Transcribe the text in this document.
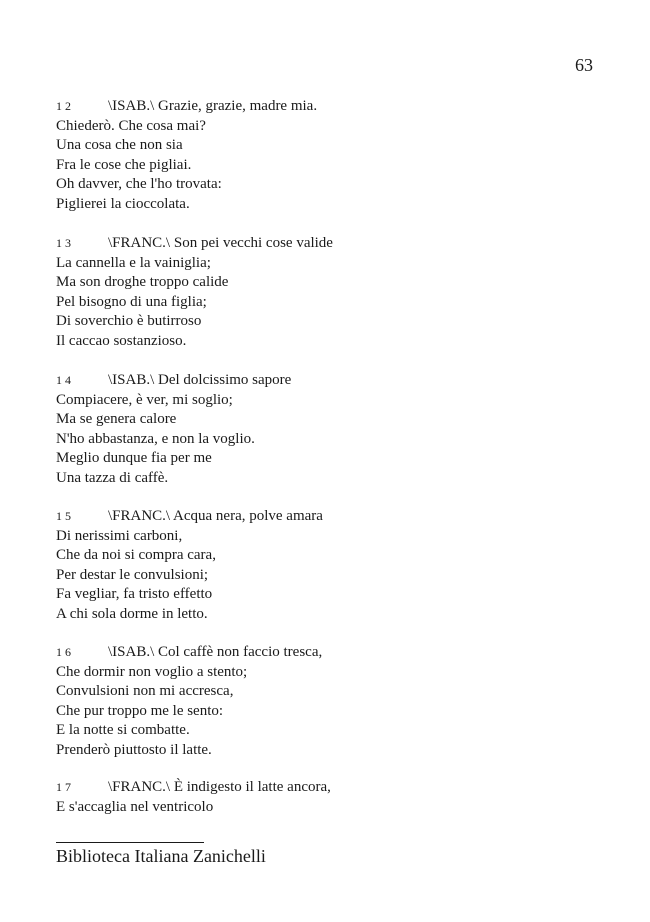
63
12 \ISAB.\ Grazie, grazie, madre mia.
Chiederò. Che cosa mai?
Una cosa che non sia
Fra le cose che pigliai.
Oh davver, che l'ho trovata:
Piglierei la cioccolata.
13 \FRANC.\ Son pei vecchi cose valide
La cannella e la vainiglia;
Ma son droghe troppo calide
Pel bisogno di una figlia;
Di soverchio è butirroso
Il caccao sostanzioso.
14 \ISAB.\ Del dolcissimo sapore
Compiacere, è ver, mi soglio;
Ma se genera calore
N'ho abbastanza, e non la voglio.
Meglio dunque fia per me
Una tazza di caffè.
15 \FRANC.\ Acqua nera, polve amara
Di nerissimi carboni,
Che da noi si compra cara,
Per destar le convulsioni;
Fa vegliar, fa tristo effetto
A chi sola dorme in letto.
16 \ISAB.\ Col caffè non faccio tresca,
Che dormir non voglio a stento;
Convulsioni non mi accresca,
Che pur troppo me le sento:
E la notte si combatte.
Prenderò piuttosto il latte.
17 \FRANC.\ È indigesto il latte ancora,
E s'accaglia nel ventricolo
Biblioteca Italiana Zanichelli
